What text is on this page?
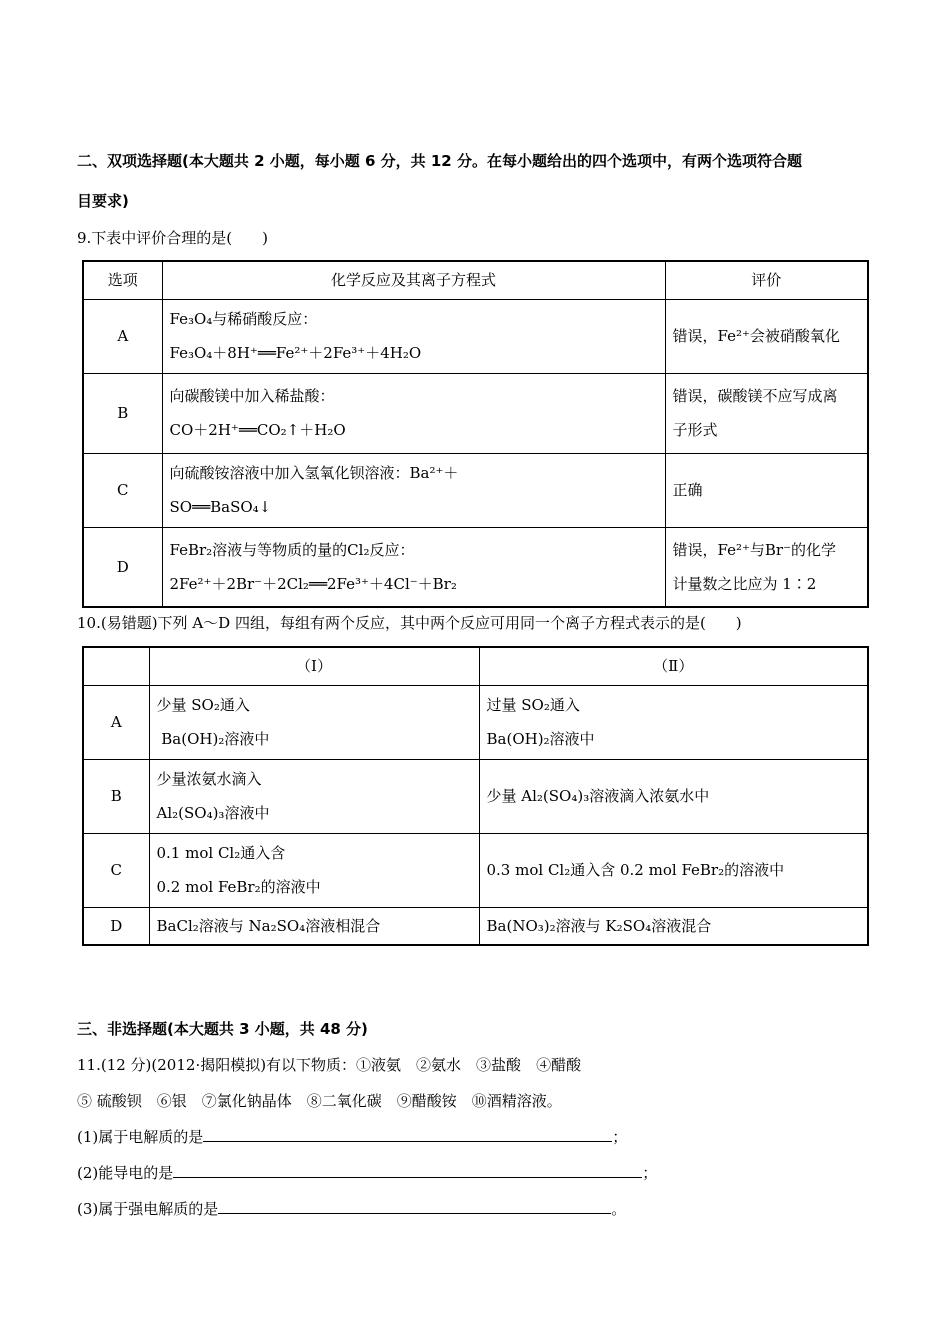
二、双项选择题(本大题共 2 小题，每小题 6 分，共 12 分。在每小题给出的四个选项中，有两个选项符合题
目要求)
9.下表中评价合理的是(　　)
选项	化学反应及其离子方程式	评价
A	Fe₃O₄与稀硝酸反应：
Fe₃O₄＋8H⁺══Fe²⁺＋2Fe³⁺＋4H₂O	错误，Fe²⁺会被硝酸氧化

B	向碳酸镁中加入稀盐酸：
CO＋2H⁺══CO₂↑＋H₂O	错误，碳酸镁不应写成离
子形式

C	向硫酸铵溶液中加入氢氧化钡溶液：Ba²⁺＋
SO══BaSO₄↓	正确

D	FeBr₂溶液与等物质的量的Cl₂反应：
2Fe²⁺＋2Br⁻＋2Cl₂══2Fe³⁺＋4Cl⁻＋Br₂	错误，Fe²⁺与Br⁻的化学
计量数之比应为 1∶2
10.(易错题)下列 A～D 四组，每组有两个反应，其中两个反应可用同一个离子方程式表示的是(　　)
	（Ⅰ）	（Ⅱ）
A	少量 SO₂通入
Ba(OH)₂溶液中	过量 SO₂通入
Ba(OH)₂溶液中

B	少量浓氨水滴入
Al₂(SO₄)₃溶液中	少量 Al₂(SO₄)₃溶液滴入浓氨水中

C	0.1 mol Cl₂通入含
0.2 mol FeBr₂的溶液中	0.3 mol Cl₂通入含 0.2 mol FeBr₂的溶液中

D	BaCl₂溶液与 Na₂SO₄溶液相混合	Ba(NO₃)₂溶液与 K₂SO₄溶液混合
三、非选择题(本大题共 3 小题，共 48 分)
11.(12 分)(2012·揭阳模拟)有以下物质：①液氨　②氨水　③盐酸　④醋酸
⑤ 硫酸钡　⑥银　⑦氯化钠晶体　⑧二氧化碳　⑨醋酸铵　⑩酒精溶液。
(1)属于电解质的是	；
(2)能导电的是	；
(3)属于强电解质的是	。
